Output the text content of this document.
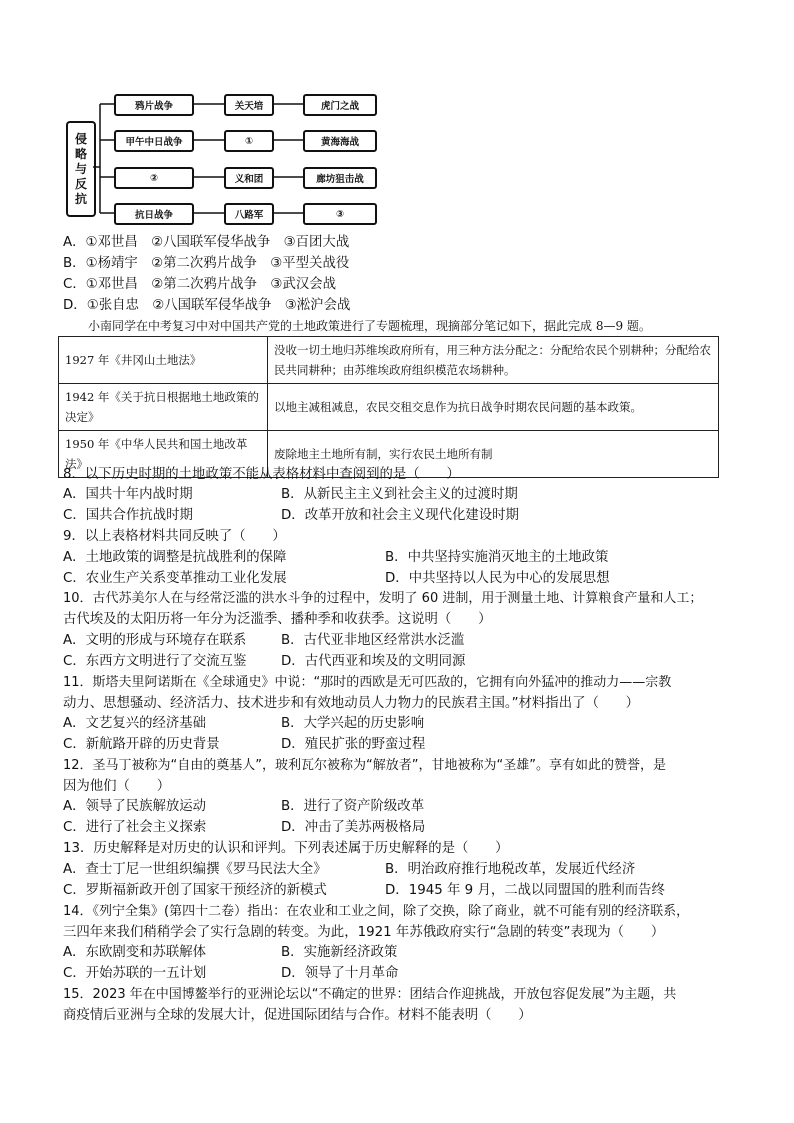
侵
略
与
反
抗
鸦片战争	关天培	虎门之战
甲午中日战争	①	黄海海战
②	义和团	廊坊狙击战
抗日战争	八路军	③
A．①邓世昌　②八国联军侵华战争　③百团大战
B．①杨靖宇　②第二次鸦片战争　③平型关战役
C．①邓世昌　②第二次鸦片战争　③武汉会战
D．①张自忠　②八国联军侵华战争　③淞沪会战
小南同学在中考复习中对中国共产党的土地政策进行了专题梳理，现摘部分笔记如下，据此完成 8—9 题。
1927 年《井冈山土地法》	没收一切土地归苏维埃政府所有，用三种方法分配之：分配给农民个别耕种；分配给农民共同耕种；由苏维埃政府组织模范农场耕种。
1942 年《关于抗日根据地土地政策的决定》	以地主减租减息，农民交租交息作为抗日战争时期农民问题的基本政策。
1950 年《中华人民共和国土地改革法》	废除地主土地所有制，实行农民土地所有制
8．以下历史时期的土地政策不能从表格材料中查阅到的是（　　）
A．国共十年内战时期	B．从新民主主义到社会主义的过渡时期
C．国共合作抗战时期	D．改革开放和社会主义现代化建设时期
9．以上表格材料共同反映了（　　）
A．土地政策的调整是抗战胜利的保障	B．中共坚持实施消灭地主的土地政策
C．农业生产关系变革推动工业化发展	D．中共坚持以人民为中心的发展思想
10．古代苏美尔人在与经常泛滥的洪水斗争的过程中，发明了 60 进制，用于测量土地、计算粮食产量和人工；
古代埃及的太阳历将一年分为泛滥季、播种季和收获季。这说明（　　）
A．文明的形成与环境存在联系	B．古代亚非地区经常洪水泛滥
C．东西方文明进行了交流互鉴	D．古代西亚和埃及的文明同源
11．斯塔夫里阿诺斯在《全球通史》中说：“那时的西欧是无可匹敌的，它拥有向外猛冲的推动力——宗教
动力、思想骚动、经济活力、技术进步和有效地动员人力物力的民族君主国。”材料指出了（　　）
A．文艺复兴的经济基础	B．大学兴起的历史影响
C．新航路开辟的历史背景	D．殖民扩张的野蛮过程
12．圣马丁被称为“自由的奠基人”，玻利瓦尔被称为“解放者”，甘地被称为“圣雄”。享有如此的赞誉，是
因为他们（　　）
A．领导了民族解放运动	B．进行了资产阶级改革
C．进行了社会主义探索	D．冲击了美苏两极格局
13．历史解释是对历史的认识和评判。下列表述属于历史解释的是（　　）
A．查士丁尼一世组织编撰《罗马民法大全》	B．明治政府推行地税改革，发展近代经济
C．罗斯福新政开创了国家干预经济的新模式	D．1945 年 9 月，二战以同盟国的胜利而告终
14．《列宁全集》(第四十二卷）指出：在农业和工业之间，除了交换，除了商业，就不可能有别的经济联系，
三四年来我们稍稍学会了实行急剧的转变。为此，1921 年苏俄政府实行“急剧的转变”表现为（　　）
A．东欧剧变和苏联解体	B．实施新经济政策
C．开始苏联的一五计划	D．领导了十月革命
15．2023 年在中国博鳌举行的亚洲论坛以“不确定的世界：团结合作迎挑战，开放包容促发展”为主题，共
商疫情后亚洲与全球的发展大计，促进国际团结与合作。材料不能表明（　　）
